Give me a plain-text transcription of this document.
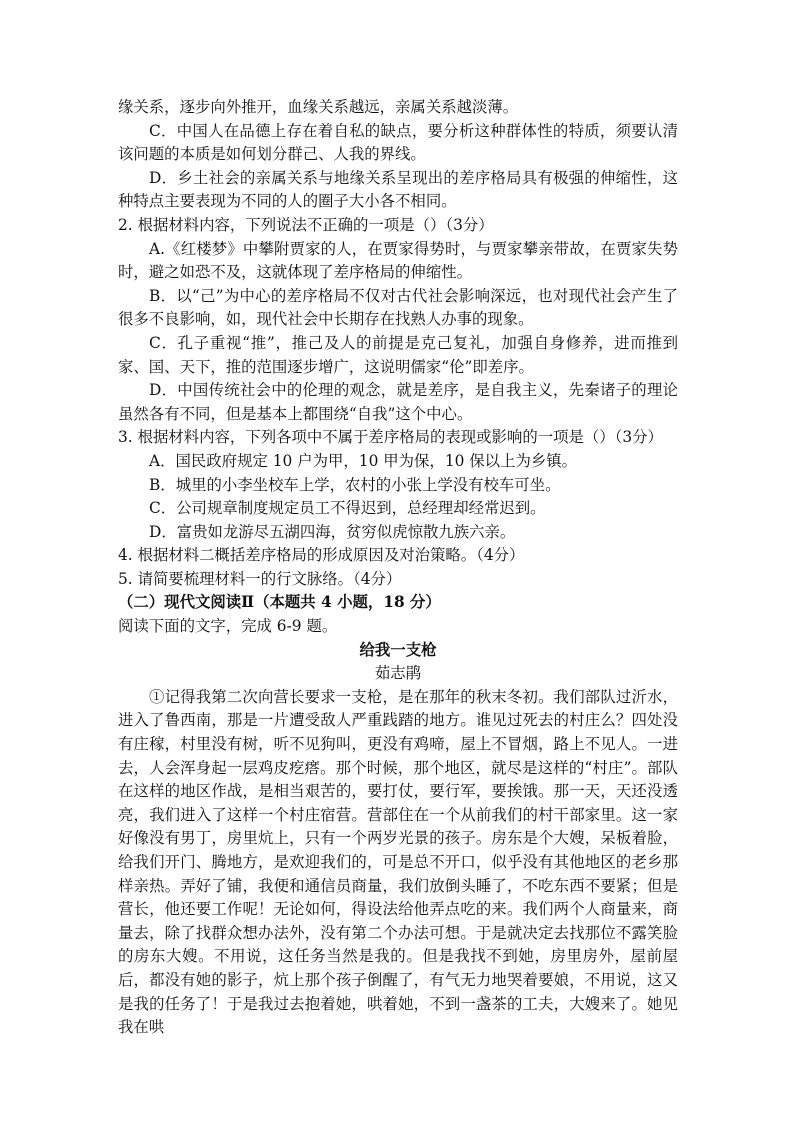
缘关系，逐步向外推开，血缘关系越远，亲属关系越淡薄。

C．中国人在品德上存在着自私的缺点，要分析这种群体性的特质，须要认清该问题的本质是如何划分群己、人我的界线。

D．乡土社会的亲属关系与地缘关系呈现出的差序格局具有极强的伸缩性，这种特点主要表现为不同的人的圈子大小各不相同。

2. 根据材料内容，下列说法不正确的一项是（）（3分）

A.《红楼梦》中攀附贾家的人，在贾家得势时，与贾家攀亲带故，在贾家失势时，避之如恐不及，这就体现了差序格局的伸缩性。

B．以“己”为中心的差序格局不仅对古代社会影响深远，也对现代社会产生了很多不良影响，如，现代社会中长期存在找熟人办事的现象。

C．孔子重视“推”，推己及人的前提是克己复礼，加强自身修养，进而推到家、国、天下，推的范围逐步增广，这说明儒家“伦”即差序。

D．中国传统社会中的伦理的观念，就是差序，是自我主义，先秦诸子的理论虽然各有不同，但是基本上都围绕“自我”这个中心。

3. 根据材料内容，下列各项中不属于差序格局的表现或影响的一项是（）（3分）

A．国民政府规定 10 户为甲，10 甲为保，10 保以上为乡镇。

B．城里的小李坐校车上学，农村的小张上学没有校车可坐。

C．公司规章制度规定员工不得迟到，总经理却经常迟到。

D．富贵如龙游尽五湖四海，贫穷似虎惊散九族六亲。

4. 根据材料二概括差序格局的形成原因及对治策略。（4分）

5. 请简要梳理材料一的行文脉络。（4分）

（二）现代文阅读Ⅱ（本题共 4 小题，18 分）

阅读下面的文字，完成 6-9 题。

给我一支枪

茹志鹃

①记得我第二次向营长要求一支枪，是在那年的秋末冬初。我们部队过沂水，进入了鲁西南，那是一片遭受敌人严重践踏的地方。谁见过死去的村庄么？四处没有庄稼，村里没有树，听不见狗叫，更没有鸡啼，屋上不冒烟，路上不见人。一进去，人会浑身起一层鸡皮疙瘩。那个时候，那个地区，就尽是这样的“村庄”。部队在这样的地区作战，是相当艰苦的，要打仗，要行军，要挨饿。那一天，天还没透亮，我们进入了这样一个村庄宿营。营部住在一个从前我们的村干部家里。这一家好像没有男丁，房里炕上，只有一个两岁光景的孩子。房东是个大嫂，呆板着脸，给我们开门、腾地方，是欢迎我们的，可是总不开口，似乎没有其他地区的老乡那样亲热。弄好了铺，我便和通信员商量，我们放倒头睡了，不吃东西不要紧；但是营长，他还要工作呢！无论如何，得设法给他弄点吃的来。我们两个人商量来，商量去，除了找群众想办法外，没有第二个办法可想。于是就决定去找那位不露笑脸的房东大嫂。不用说，这任务当然是我的。但是我找不到她，房里房外，屋前屋后，都没有她的影子，炕上那个孩子倒醒了，有气无力地哭着要娘，不用说，这又是我的任务了！于是我过去抱着她，哄着她，不到一盏茶的工夫，大嫂来了。她见我在哄
